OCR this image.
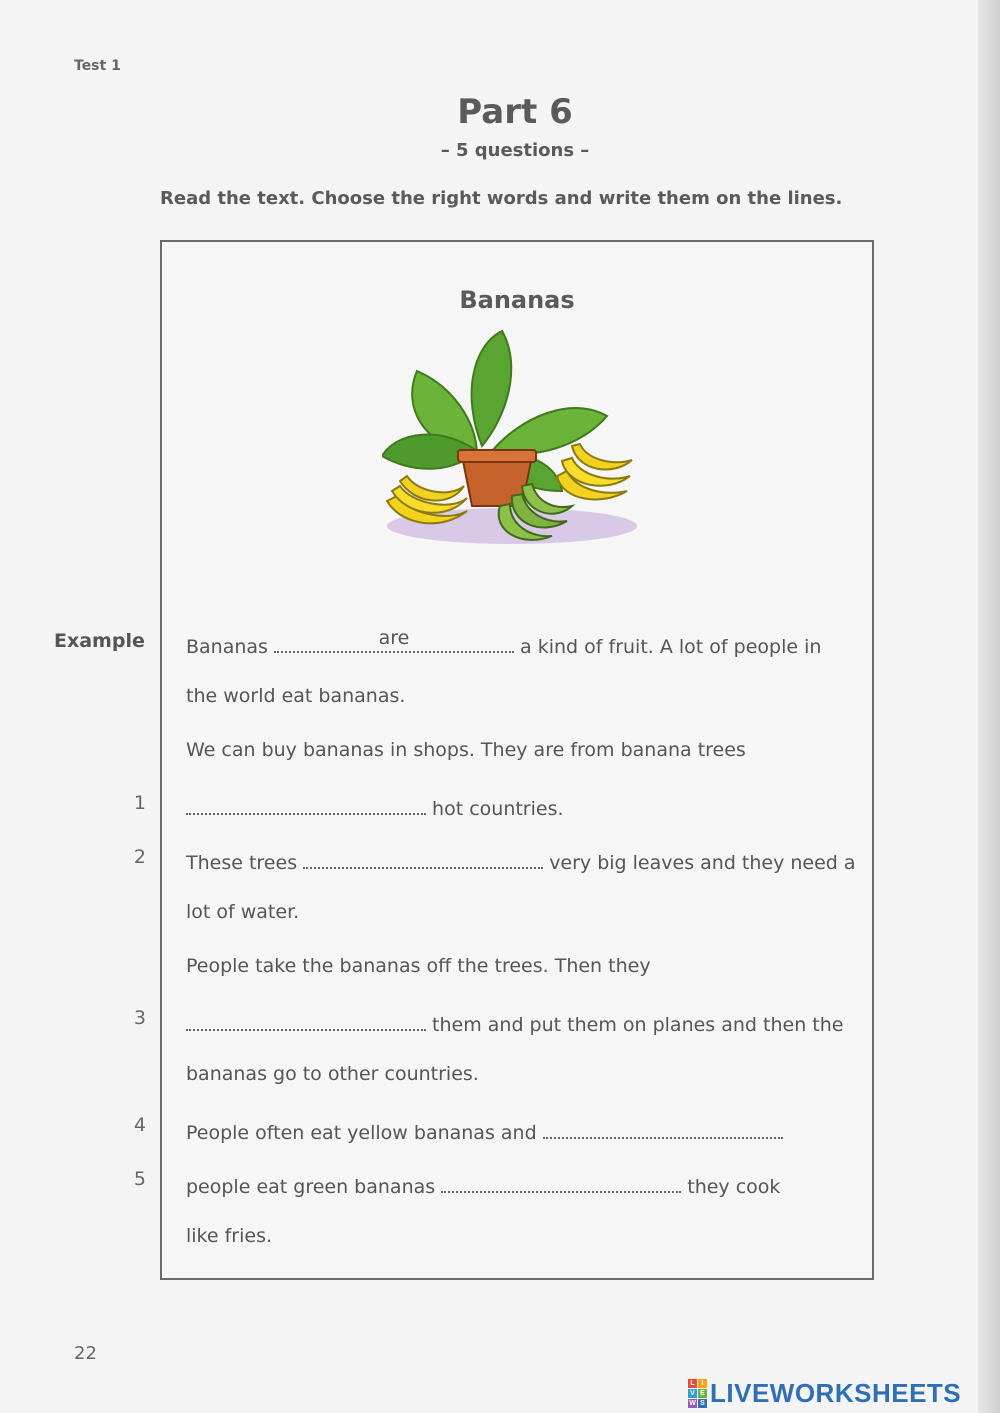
Test 1
Part 6
– 5 questions –
Read the text. Choose the right words and write them on the lines.
Example
1
2
3
4
5
Bananas
Bananas	are	a kind of fruit. A lot of people in
the world eat bananas.
We can buy bananas in shops. They are from banana trees
hot countries.
These trees	very big leaves and they need a
lot of water.
People take the bananas off the trees. Then they
them and put them on planes and then the
bananas go to other countries.
People often eat yellow bananas and
people eat green bananas	they cook
like fries.
22
L I
V E
W S LIVEWORKSHEETS
